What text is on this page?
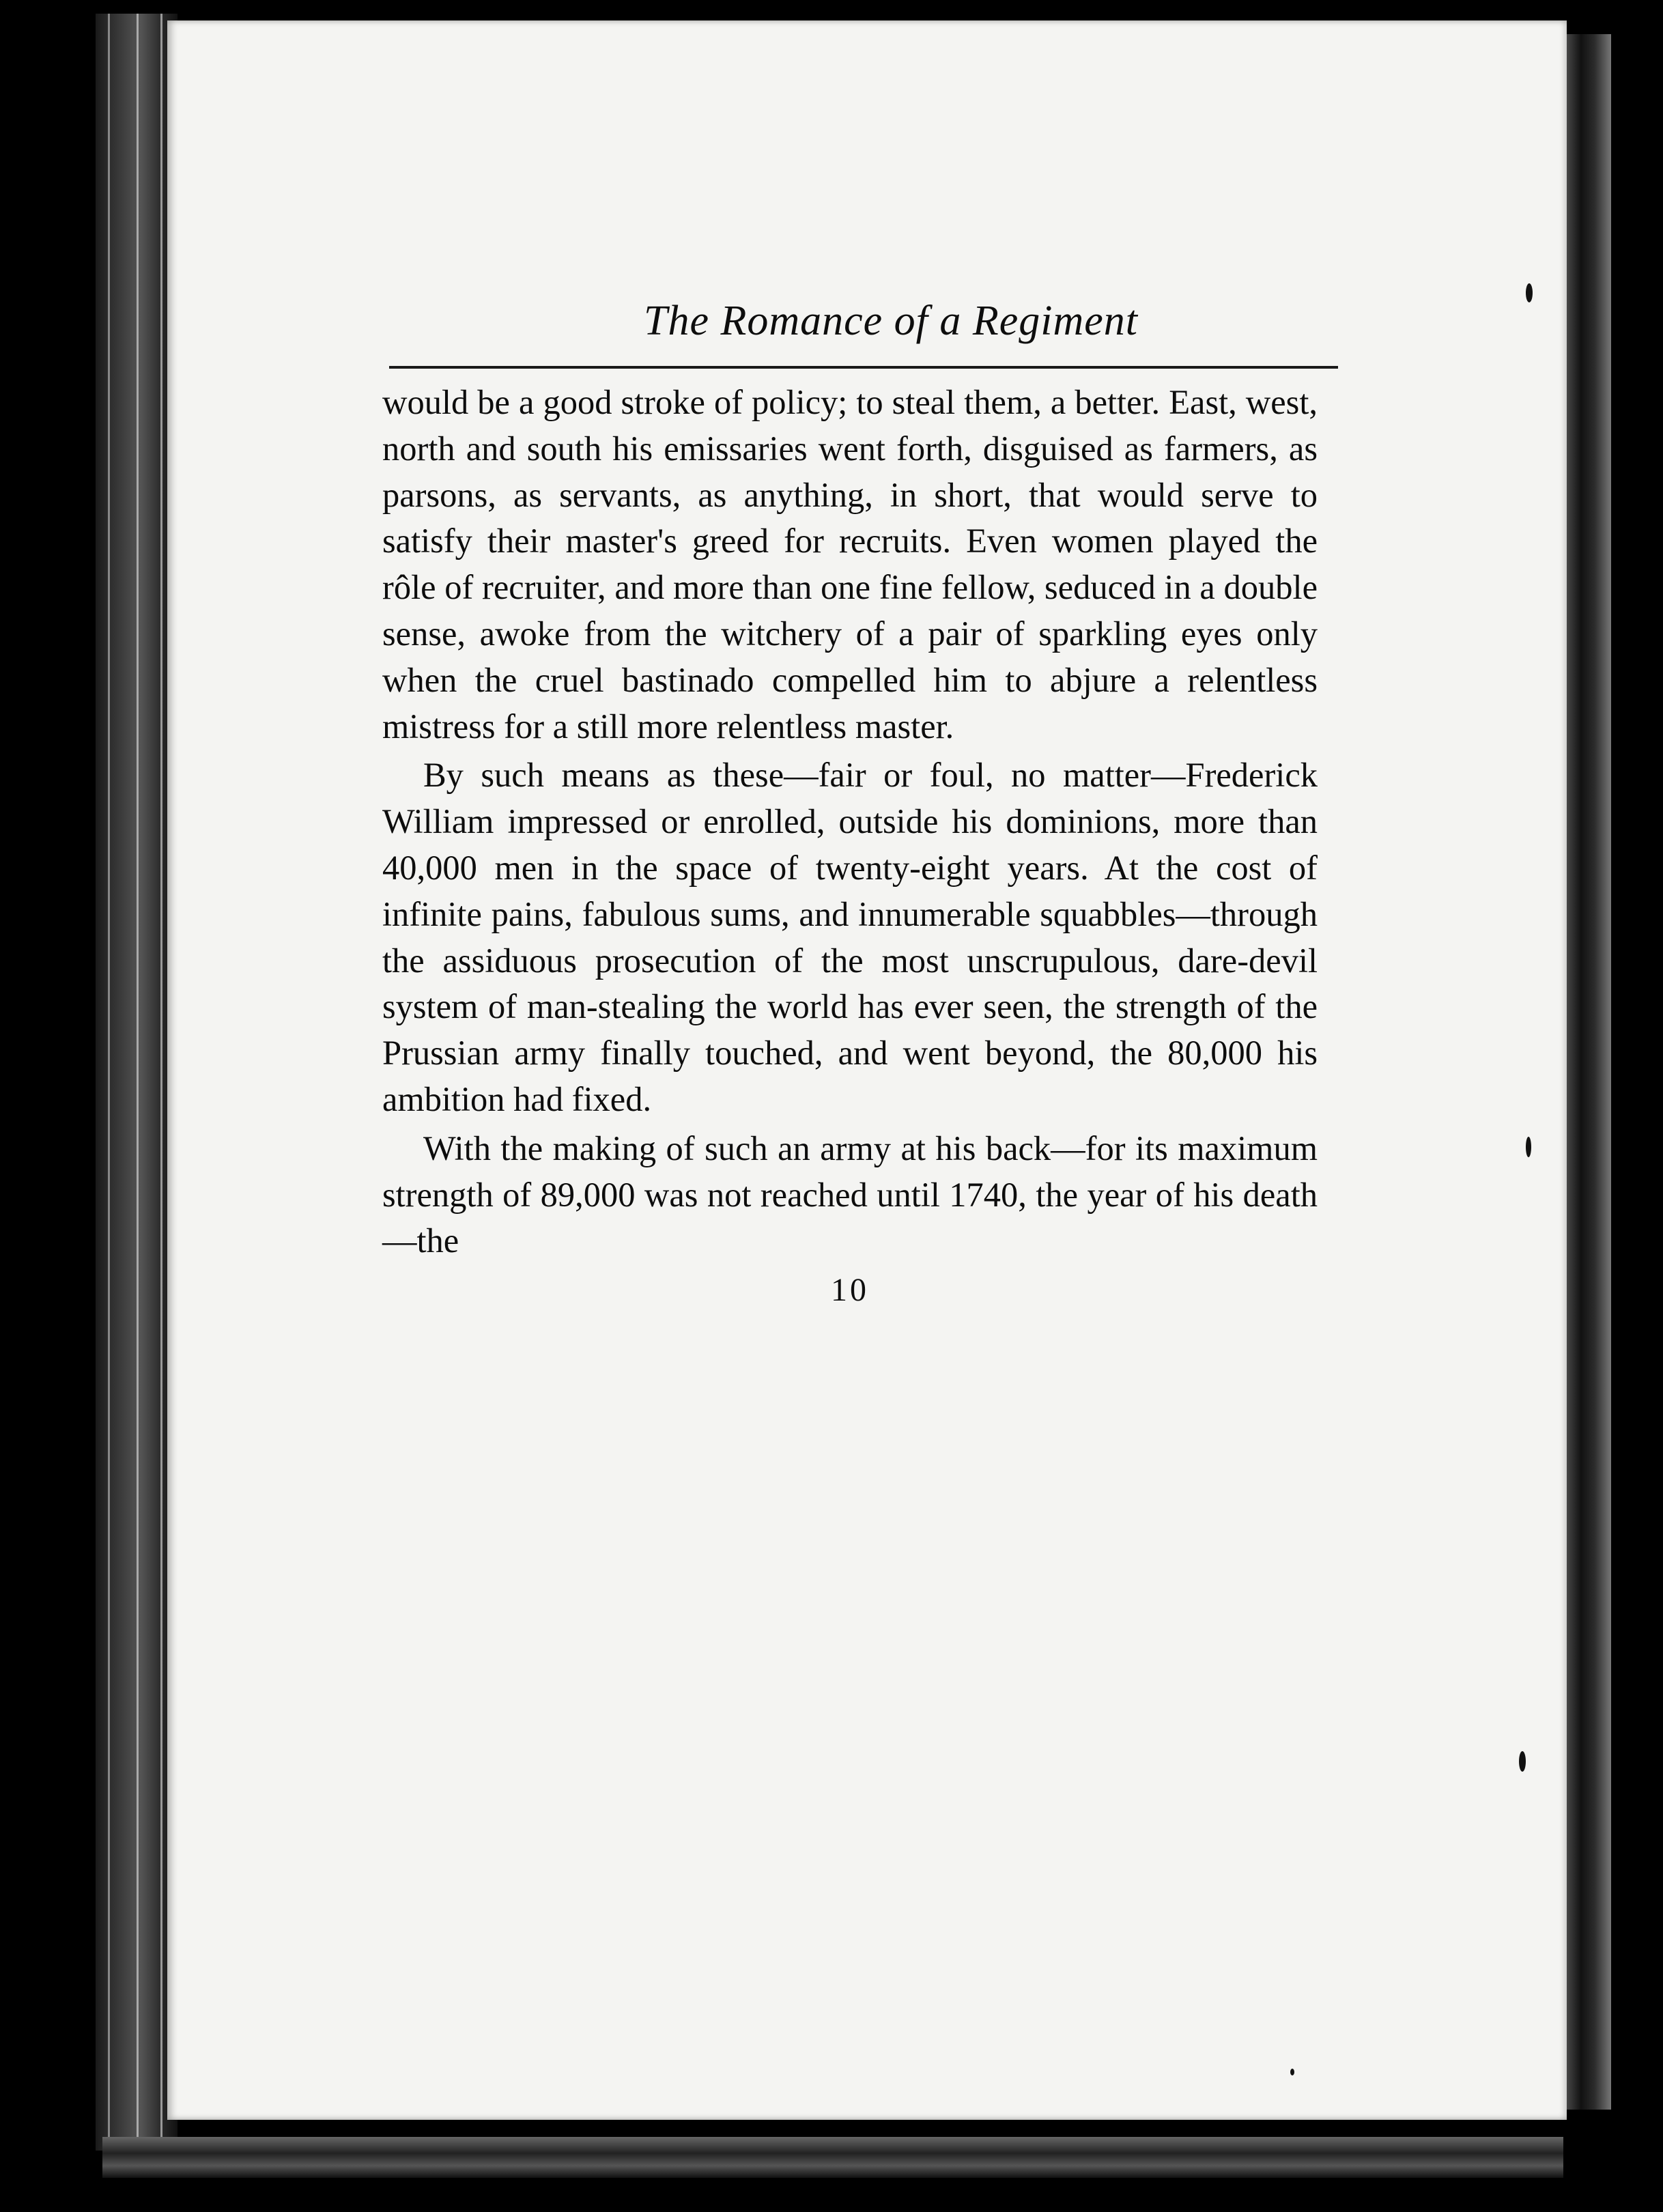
The Romance of a Regiment

would be a good stroke of policy; to steal them, a better. East, west, north and south his emissaries went forth, disguised as farmers, as parsons, as servants, as anything, in short, that would serve to satisfy their master's greed for recruits. Even women played the rôle of recruiter, and more than one fine fellow, seduced in a double sense, awoke from the witchery of a pair of sparkling eyes only when the cruel bastinado compelled him to abjure a relentless mistress for a still more relentless master.

By such means as these—fair or foul, no matter—Frederick William impressed or enrolled, outside his dominions, more than 40,000 men in the space of twenty-eight years. At the cost of infinite pains, fabulous sums, and innumerable squabbles—through the assiduous prosecution of the most unscrupulous, dare-devil system of man-stealing the world has ever seen, the strength of the Prussian army finally touched, and went beyond, the 80,000 his ambition had fixed.

With the making of such an army at his back—for its maximum strength of 89,000 was not reached until 1740, the year of his death—the

10
